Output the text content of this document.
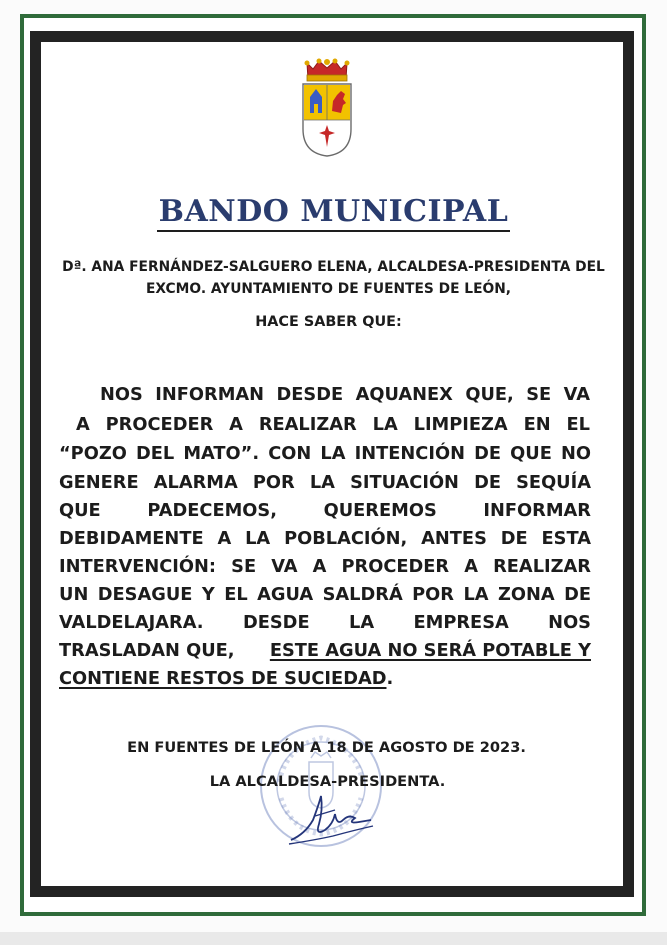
BANDO MUNICIPAL
Dª. ANA FERNÁNDEZ-SALGUERO ELENA, ALCALDESA-PRESIDENTA DEL
EXCMO. AYUNTAMIENTO DE FUENTES DE LEÓN,
HACE SABER QUE:
NOS INFORMAN DESDE AQUANEX QUE, SE VA
A PROCEDER A REALIZAR LA LIMPIEZA EN EL
“POZO DEL MATO”. CON LA INTENCIÓN DE QUE NO
GENERE ALARMA POR LA SITUACIÓN DE SEQUÍA
QUE PADECEMOS, QUEREMOS INFORMAR
DEBIDAMENTE A LA POBLACIÓN, ANTES DE ESTA
INTERVENCIÓN: SE VA A PROCEDER A REALIZAR
UN DESAGUE Y EL AGUA SALDRÁ POR LA ZONA DE
VALDELAJARA. DESDE LA EMPRESA NOS
TRASLADAN QUE, ESTE AGUA NO SERÁ POTABLE Y
CONTIENE RESTOS DE SUCIEDAD.
EN FUENTES DE LEÓN A 18 DE AGOSTO DE 2023.
LA ALCALDESA-PRESIDENTA.
